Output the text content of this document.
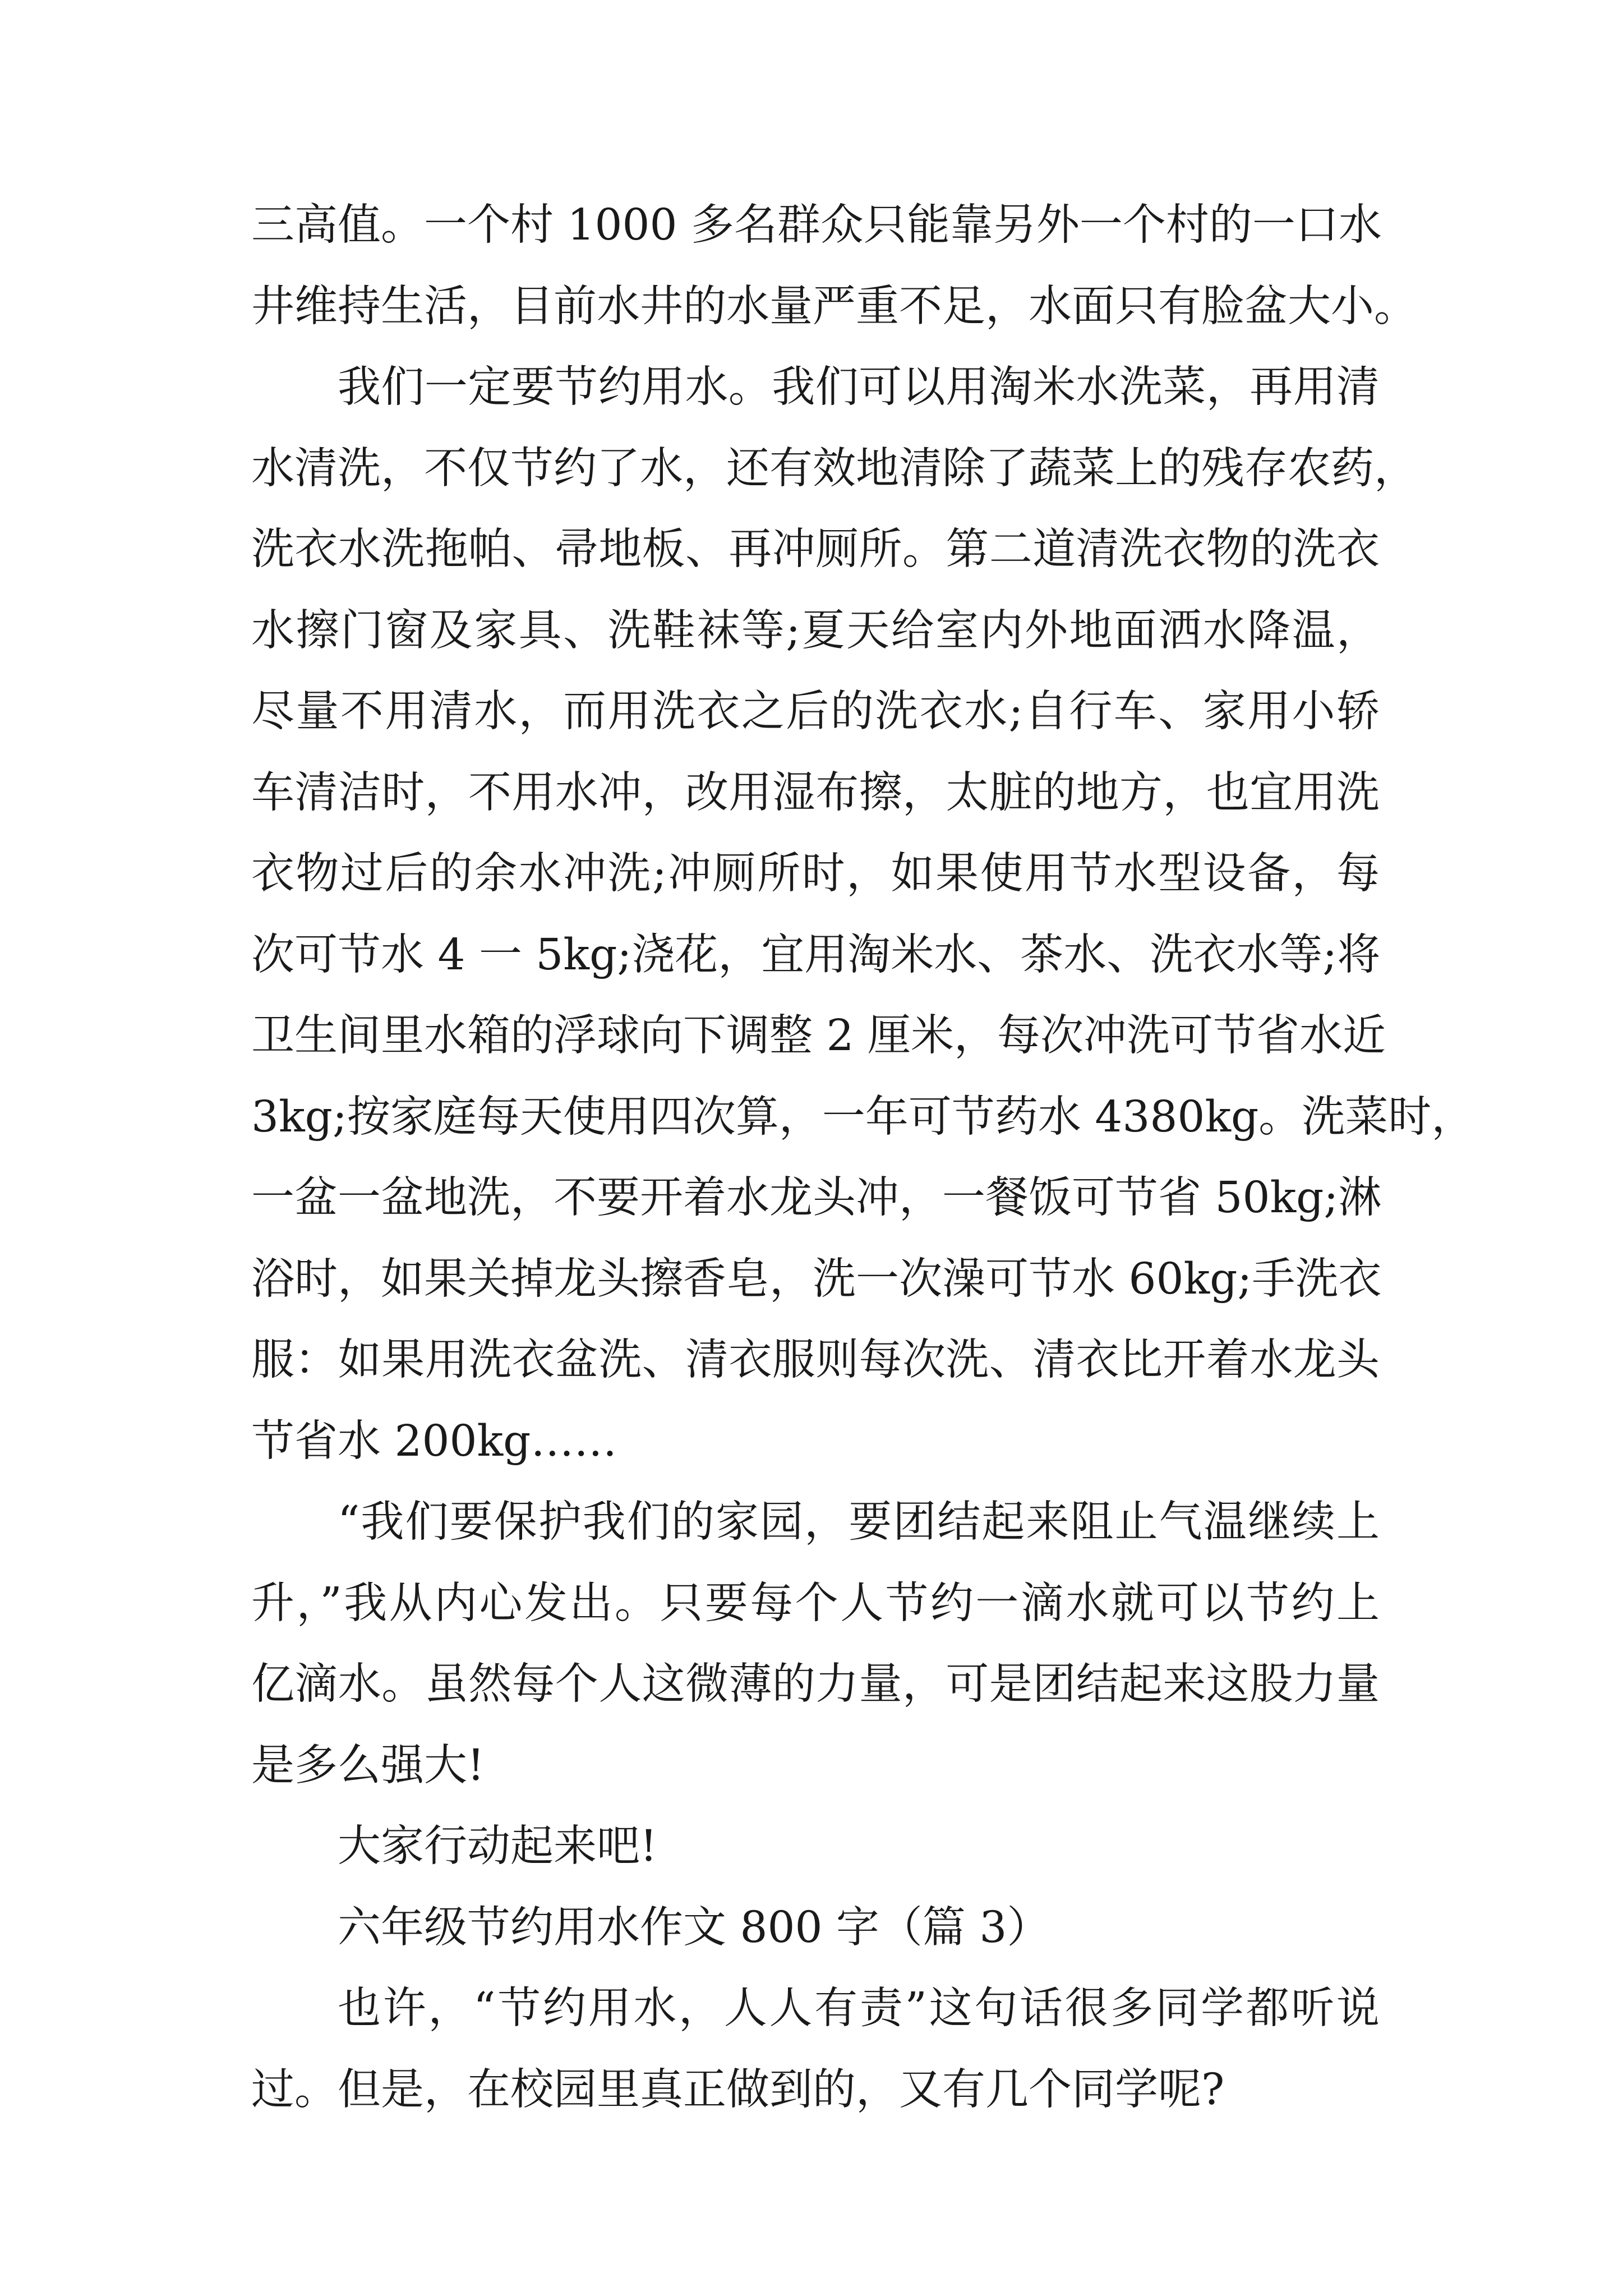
三高值。一个村 1000 多名群众只能靠另外一个村的一口水
井维持生活，目前水井的水量严重不足，水面只有脸盆大小。
我们一定要节约用水。我们可以用淘米水洗菜，再用清
水清洗，不仅节约了水，还有效地清除了蔬菜上的残存农药，
洗衣水洗拖帕、帚地板、再冲厕所。第二道清洗衣物的洗衣
水擦门窗及家具、洗鞋袜等;夏天给室内外地面洒水降温，
尽量不用清水，而用洗衣之后的洗衣水;自行车、家用小轿
车清洁时，不用水冲，改用湿布擦，太脏的地方，也宜用洗
衣物过后的余水冲洗;冲厕所时，如果使用节水型设备，每
次可节水 4 一 5kg;浇花，宜用淘米水、茶水、洗衣水等;将
卫生间里水箱的浮球向下调整 2 厘米，每次冲洗可节省水近
3kg;按家庭每天使用四次算，一年可节药水 4380kg。洗菜时，
一盆一盆地洗，不要开着水龙头冲，一餐饭可节省 50kg;淋
浴时，如果关掉龙头擦香皂，洗一次澡可节水 60kg;手洗衣
服：如果用洗衣盆洗、清衣服则每次洗、清衣比开着水龙头
节省水 200kg……
“我们要保护我们的家园，要团结起来阻止气温继续上
升，”我从内心发出。只要每个人节约一滴水就可以节约上
亿滴水。虽然每个人这微薄的力量，可是团结起来这股力量
是多么强大!
大家行动起来吧!
六年级节约用水作文 800 字（篇 3）
也许，“节约用水，人人有责”这句话很多同学都听说
过。但是，在校园里真正做到的，又有几个同学呢?
